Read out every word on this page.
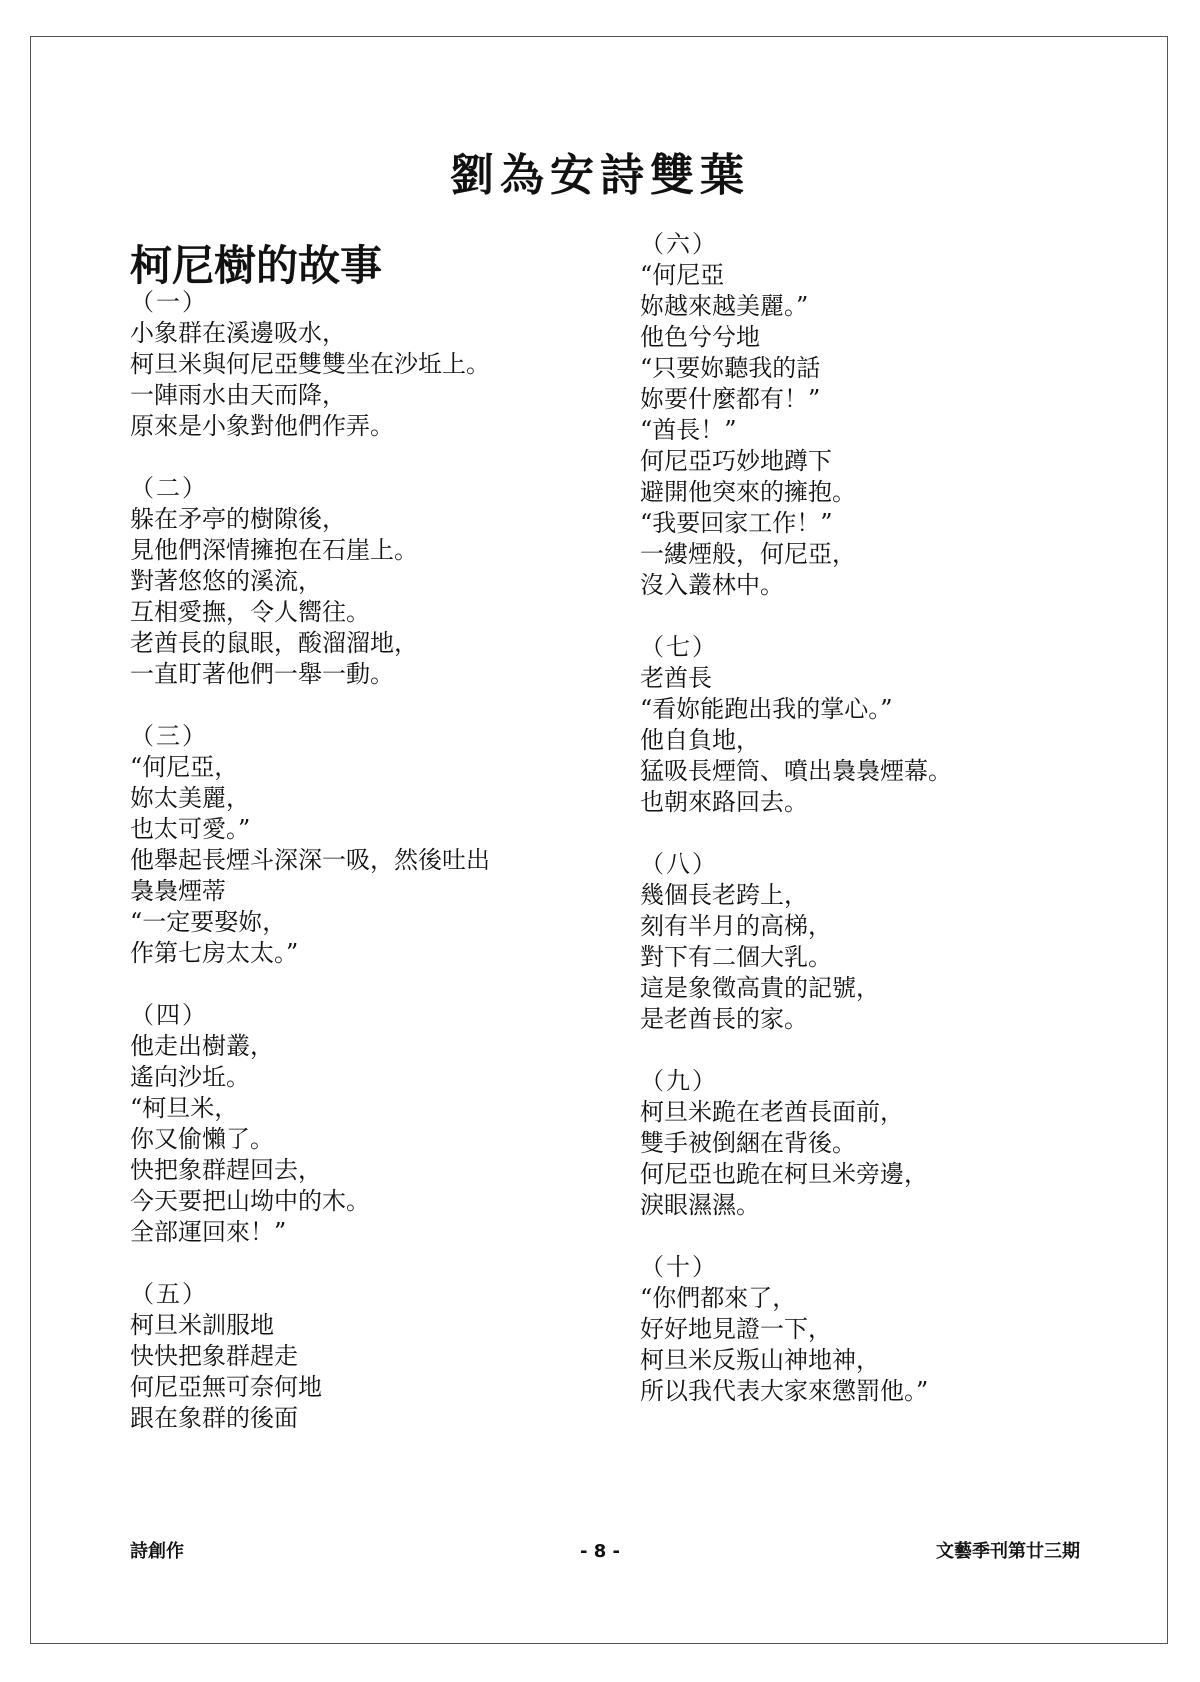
劉為安詩雙葉
柯尼樹的故事
（一）
小象群在溪邊吸水，
柯旦米與何尼亞雙雙坐在沙坵上。
一陣雨水由天而降，
原來是小象對他們作弄。
（二）
躲在矛亭的樹隙後，
見他們深情擁抱在石崖上。
對著悠悠的溪流，
互相愛撫，令人嚮往。
老酋長的鼠眼，酸溜溜地，
一直盯著他們一舉一動。
（三）
“何尼亞，
妳太美麗，
也太可愛。”
他舉起長煙斗深深一吸，然後吐出
裊裊煙蒂
“一定要娶妳，
作第七房太太。”
（四）
他走出樹叢，
遙向沙坵。
“柯旦米，
你又偷懶了。
快把象群趕回去，
今天要把山坳中的木。
全部運回來！”
（五）
柯旦米訓服地
快快把象群趕走
何尼亞無可奈何地
跟在象群的後面
（六）
“何尼亞
妳越來越美麗。”
他色兮兮地
“只要妳聽我的話
妳要什麼都有！”
“酋長！”
何尼亞巧妙地蹲下
避開他突來的擁抱。
“我要回家工作！”
一縷煙般，何尼亞，
沒入叢林中。
（七）
老酋長
“看妳能跑出我的掌心。”
他自負地，
猛吸長煙筒、噴出裊裊煙幕。
也朝來路回去。
（八）
幾個長老跨上，
刻有半月的高梯，
對下有二個大乳。
這是象徵高貴的記號，
是老酋長的家。
（九）
柯旦米跪在老酋長面前，
雙手被倒綑在背後。
何尼亞也跪在柯旦米旁邊，
淚眼濕濕。
（十）
“你們都來了，
好好地見證一下，
柯旦米反叛山神地神，
所以我代表大家來懲罰他。”
詩創作	- 8 -	文藝季刊第廿三期
